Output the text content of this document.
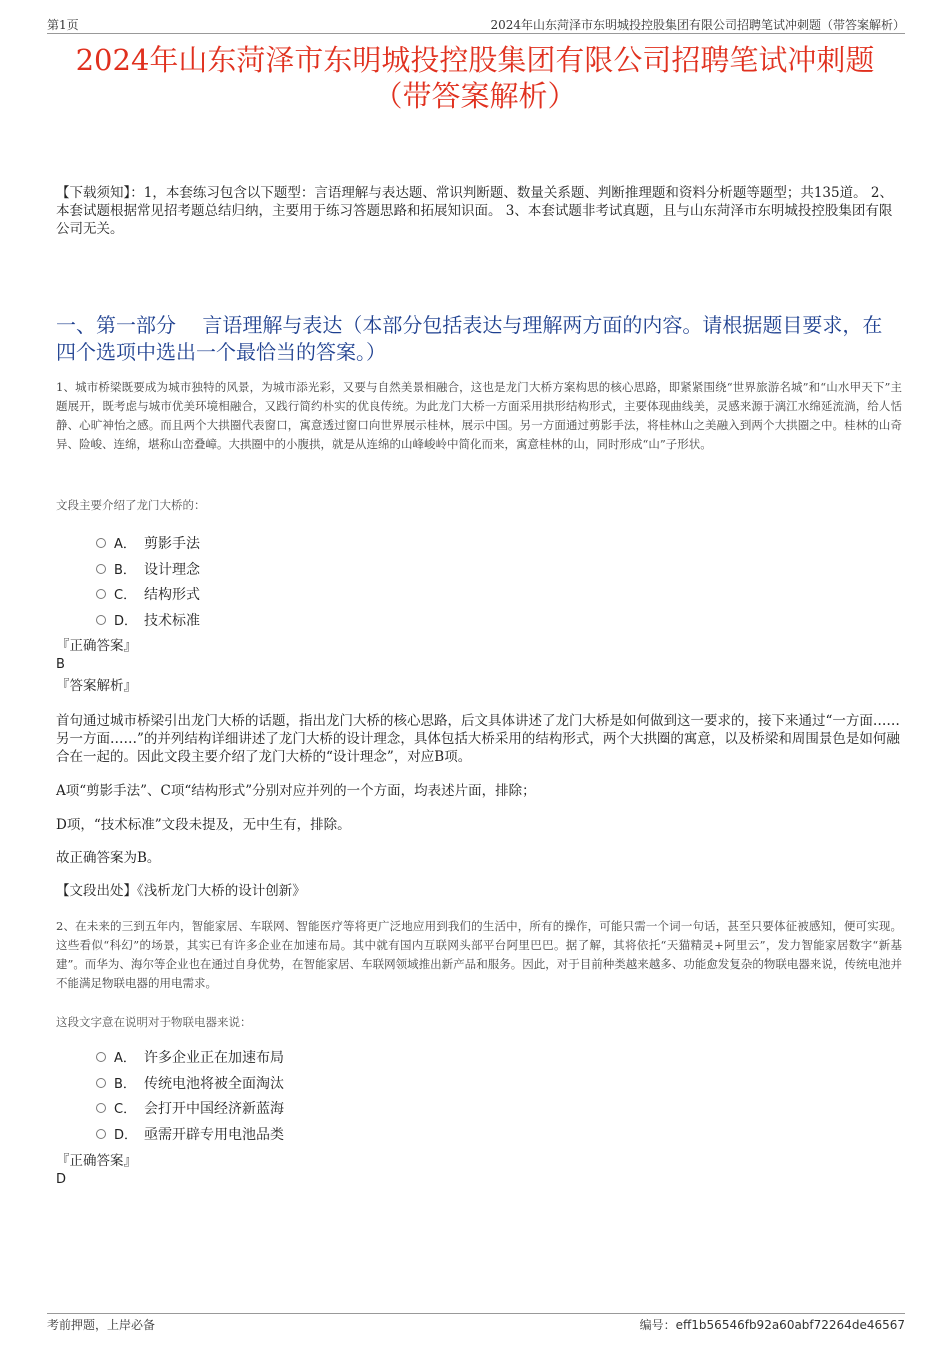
第1页	2024年山东菏泽市东明城投控股集团有限公司招聘笔试冲刺题（带答案解析）
2024年山东菏泽市东明城投控股集团有限公司招聘笔试冲刺题
（带答案解析）
【下载须知】：1，本套练习包含以下题型：言语理解与表达题、常识判断题、数量关系题、判断推理题和资料分析题等题型；共135道。 2、本套试题根据常见招考题总结归纳，主要用于练习答题思路和拓展知识面。 3、本套试题非考试真题，且与山东菏泽市东明城投控股集团有限公司无关。
一、第一部分　 言语理解与表达（本部分包括表达与理解两方面的内容。请根据题目要求，在四个选项中选出一个最恰当的答案。）
1、城市桥梁既要成为城市独特的风景，为城市添光彩，又要与自然美景相融合，这也是龙门大桥方案构思的核心思路，即紧紧围绕“世界旅游名城”和“山水甲天下”主题展开，既考虑与城市优美环境相融合，又践行简约朴实的优良传统。为此龙门大桥一方面采用拱形结构形式，主要体现曲线美，灵感来源于漓江水绵延流淌，给人恬静、心旷神怡之感。而且两个大拱圈代表窗口，寓意透过窗口向世界展示桂林，展示中国。另一方面通过剪影手法，将桂林山之美融入到两个大拱圈之中。桂林的山奇异、险峻、连绵，堪称山峦叠嶂。大拱圈中的小腹拱，就是从连绵的山峰峻岭中简化而来，寓意桂林的山，同时形成“山”子形状。
文段主要介绍了龙门大桥的：
A． 剪影手法
B． 设计理念
C． 结构形式
D． 技术标准
『正确答案』
B
『答案解析』
首句通过城市桥梁引出龙门大桥的话题，指出龙门大桥的核心思路，后文具体讲述了龙门大桥是如何做到这一要求的，接下来通过“一方面……另一方面……”的并列结构详细讲述了龙门大桥的设计理念，具体包括大桥采用的结构形式，两个大拱圈的寓意，以及桥梁和周围景色是如何融合在一起的。因此文段主要介绍了龙门大桥的“设计理念”，对应B项。
A项“剪影手法”、C项“结构形式”分别对应并列的一个方面，均表述片面，排除；
D项，“技术标准”文段未提及，无中生有，排除。
故正确答案为B。
【文段出处】《浅析龙门大桥的设计创新》
2、在未来的三到五年内，智能家居、车联网、智能医疗等将更广泛地应用到我们的生活中，所有的操作，可能只需一个词一句话，甚至只要体征被感知，便可实现。这些看似“科幻”的场景，其实已有许多企业在加速布局。其中就有国内互联网头部平台阿里巴巴。据了解，其将依托“天猫精灵+阿里云”，发力智能家居数字“新基建”。而华为、海尔等企业也在通过自身优势，在智能家居、车联网领域推出新产品和服务。因此，对于目前种类越来越多、功能愈发复杂的物联电器来说，传统电池并不能满足物联电器的用电需求。
这段文字意在说明对于物联电器来说：
A． 许多企业正在加速布局
B． 传统电池将被全面淘汰
C． 会打开中国经济新蓝海
D． 亟需开辟专用电池品类
『正确答案』
D
考前押题，上岸必备	编号：eff1b56546fb92a60abf72264de46567
